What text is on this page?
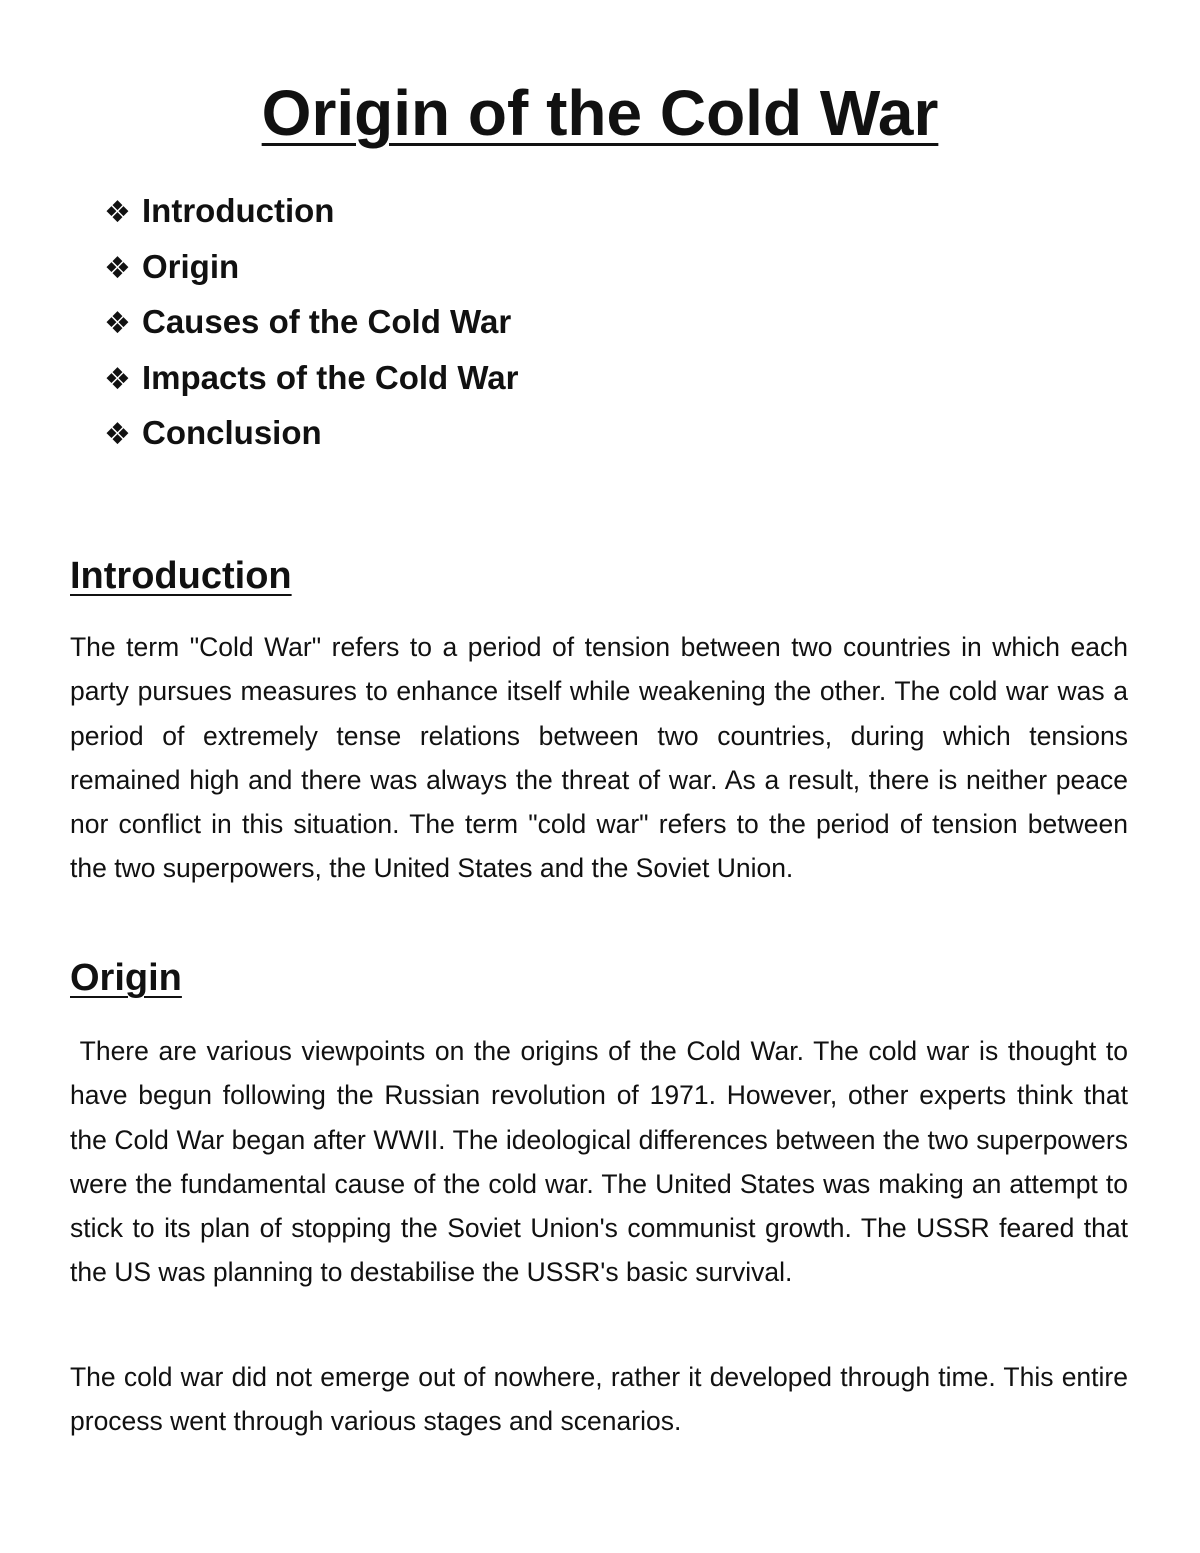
Origin of the Cold War
❖ Introduction
❖ Origin
❖ Causes of the Cold War
❖ Impacts of the Cold War
❖ Conclusion
Introduction

The term "Cold War" refers to a period of tension between two countries in which each party pursues measures to enhance itself while weakening the other. The cold war was a period of extremely tense relations between two countries, during which tensions remained high and there was always the threat of war. As a result, there is neither peace nor conflict in this situation. The term "cold war" refers to the period of tension between the two superpowers, the United States and the Soviet Union.

Origin

There are various viewpoints on the origins of the Cold War. The cold war is thought to have begun following the Russian revolution of 1971. However, other experts think that the Cold War began after WWII. The ideological differences between the two superpowers were the fundamental cause of the cold war. The United States was making an attempt to stick to its plan of stopping the Soviet Union's communist growth. The USSR feared that the US was planning to destabilise the USSR's basic survival.

The cold war did not emerge out of nowhere, rather it developed through time. This entire process went through various stages and scenarios.
